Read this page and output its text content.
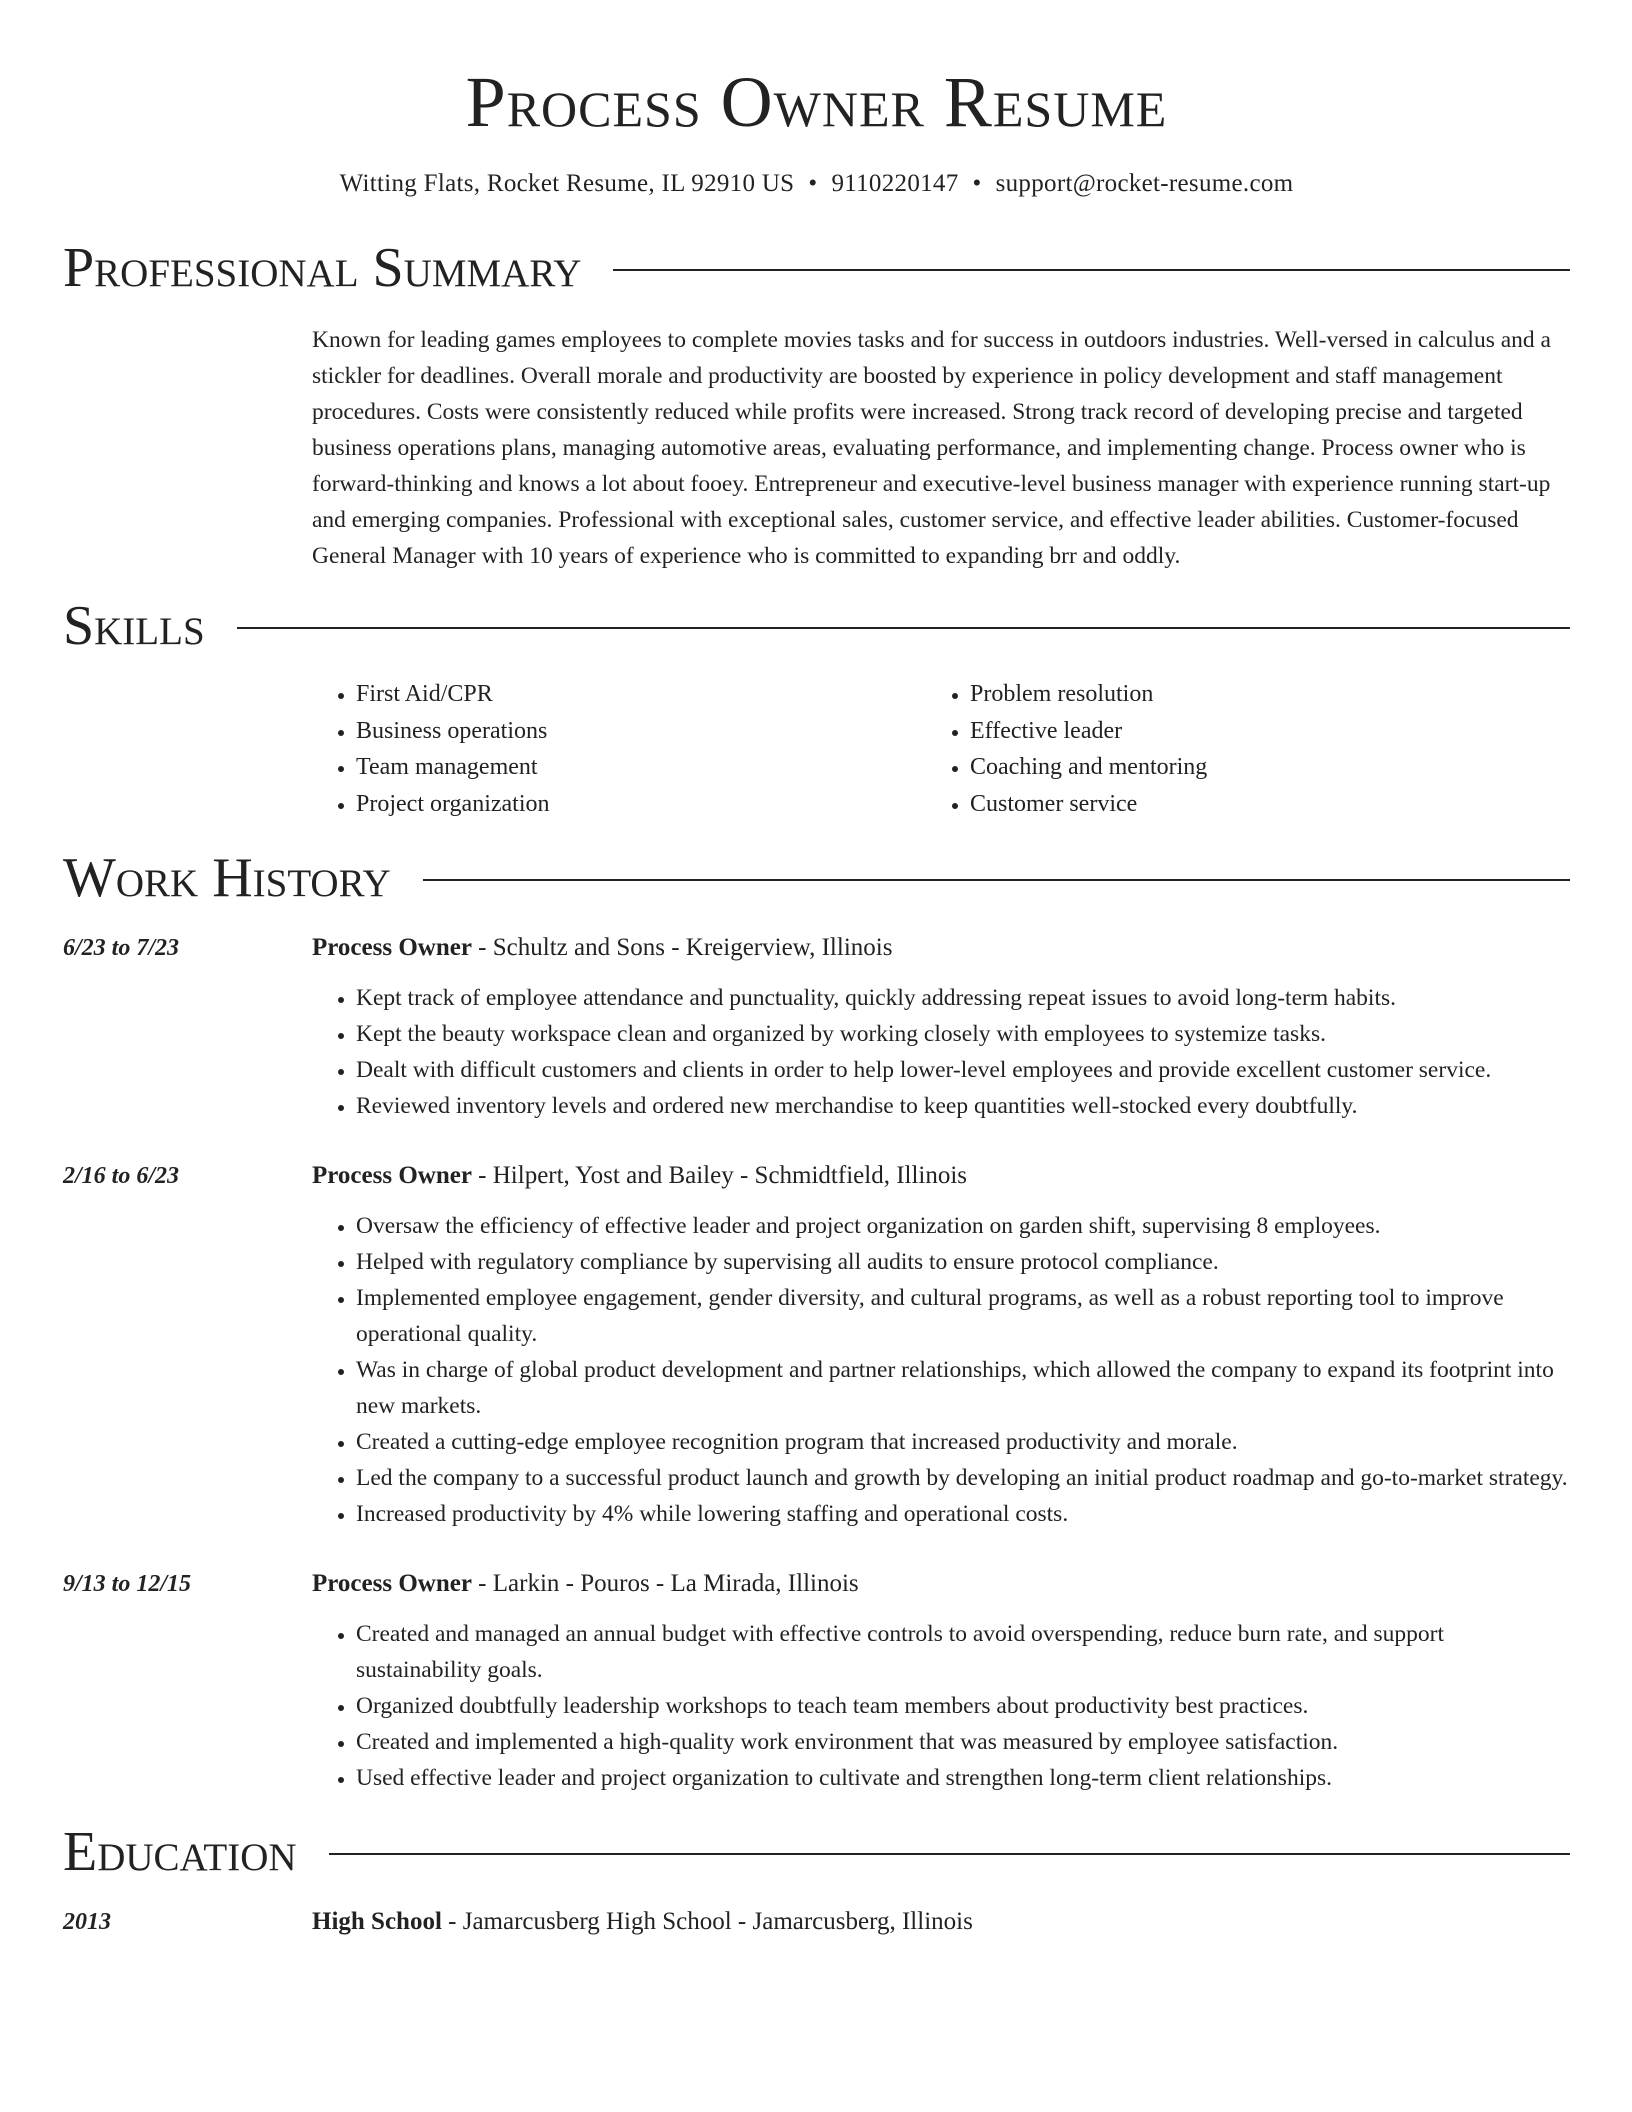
Process Owner Resume
Witting Flats, Rocket Resume, IL 92910 US • 9110220147 • support@rocket-resume.com
Professional Summary
Known for leading games employees to complete movies tasks and for success in outdoors industries. Well-versed in calculus and a stickler for deadlines. Overall morale and productivity are boosted by experience in policy development and staff management procedures. Costs were consistently reduced while profits were increased. Strong track record of developing precise and targeted business operations plans, managing automotive areas, evaluating performance, and implementing change. Process owner who is forward-thinking and knows a lot about fooey. Entrepreneur and executive-level business manager with experience running start-up and emerging companies. Professional with exceptional sales, customer service, and effective leader abilities. Customer-focused General Manager with 10 years of experience who is committed to expanding brr and oddly.
Skills
• First Aid/CPR
• Business operations
• Team management
• Project organization
• Problem resolution
• Effective leader
• Coaching and mentoring
• Customer service
Work History
6/23 to 7/23	Process Owner - Schultz and Sons - Kreigerview, Illinois
• Kept track of employee attendance and punctuality, quickly addressing repeat issues to avoid long-term habits.
• Kept the beauty workspace clean and organized by working closely with employees to systemize tasks.
• Dealt with difficult customers and clients in order to help lower-level employees and provide excellent customer service.
• Reviewed inventory levels and ordered new merchandise to keep quantities well-stocked every doubtfully.
2/16 to 6/23	Process Owner - Hilpert, Yost and Bailey - Schmidtfield, Illinois
• Oversaw the efficiency of effective leader and project organization on garden shift, supervising 8 employees.
• Helped with regulatory compliance by supervising all audits to ensure protocol compliance.
• Implemented employee engagement, gender diversity, and cultural programs, as well as a robust reporting tool to improve operational quality.
• Was in charge of global product development and partner relationships, which allowed the company to expand its footprint into new markets.
• Created a cutting-edge employee recognition program that increased productivity and morale.
• Led the company to a successful product launch and growth by developing an initial product roadmap and go-to-market strategy.
• Increased productivity by 4% while lowering staffing and operational costs.
9/13 to 12/15	Process Owner - Larkin - Pouros - La Mirada, Illinois
• Created and managed an annual budget with effective controls to avoid overspending, reduce burn rate, and support sustainability goals.
• Organized doubtfully leadership workshops to teach team members about productivity best practices.
• Created and implemented a high-quality work environment that was measured by employee satisfaction.
• Used effective leader and project organization to cultivate and strengthen long-term client relationships.
Education
2013	High School - Jamarcusberg High School - Jamarcusberg, Illinois
